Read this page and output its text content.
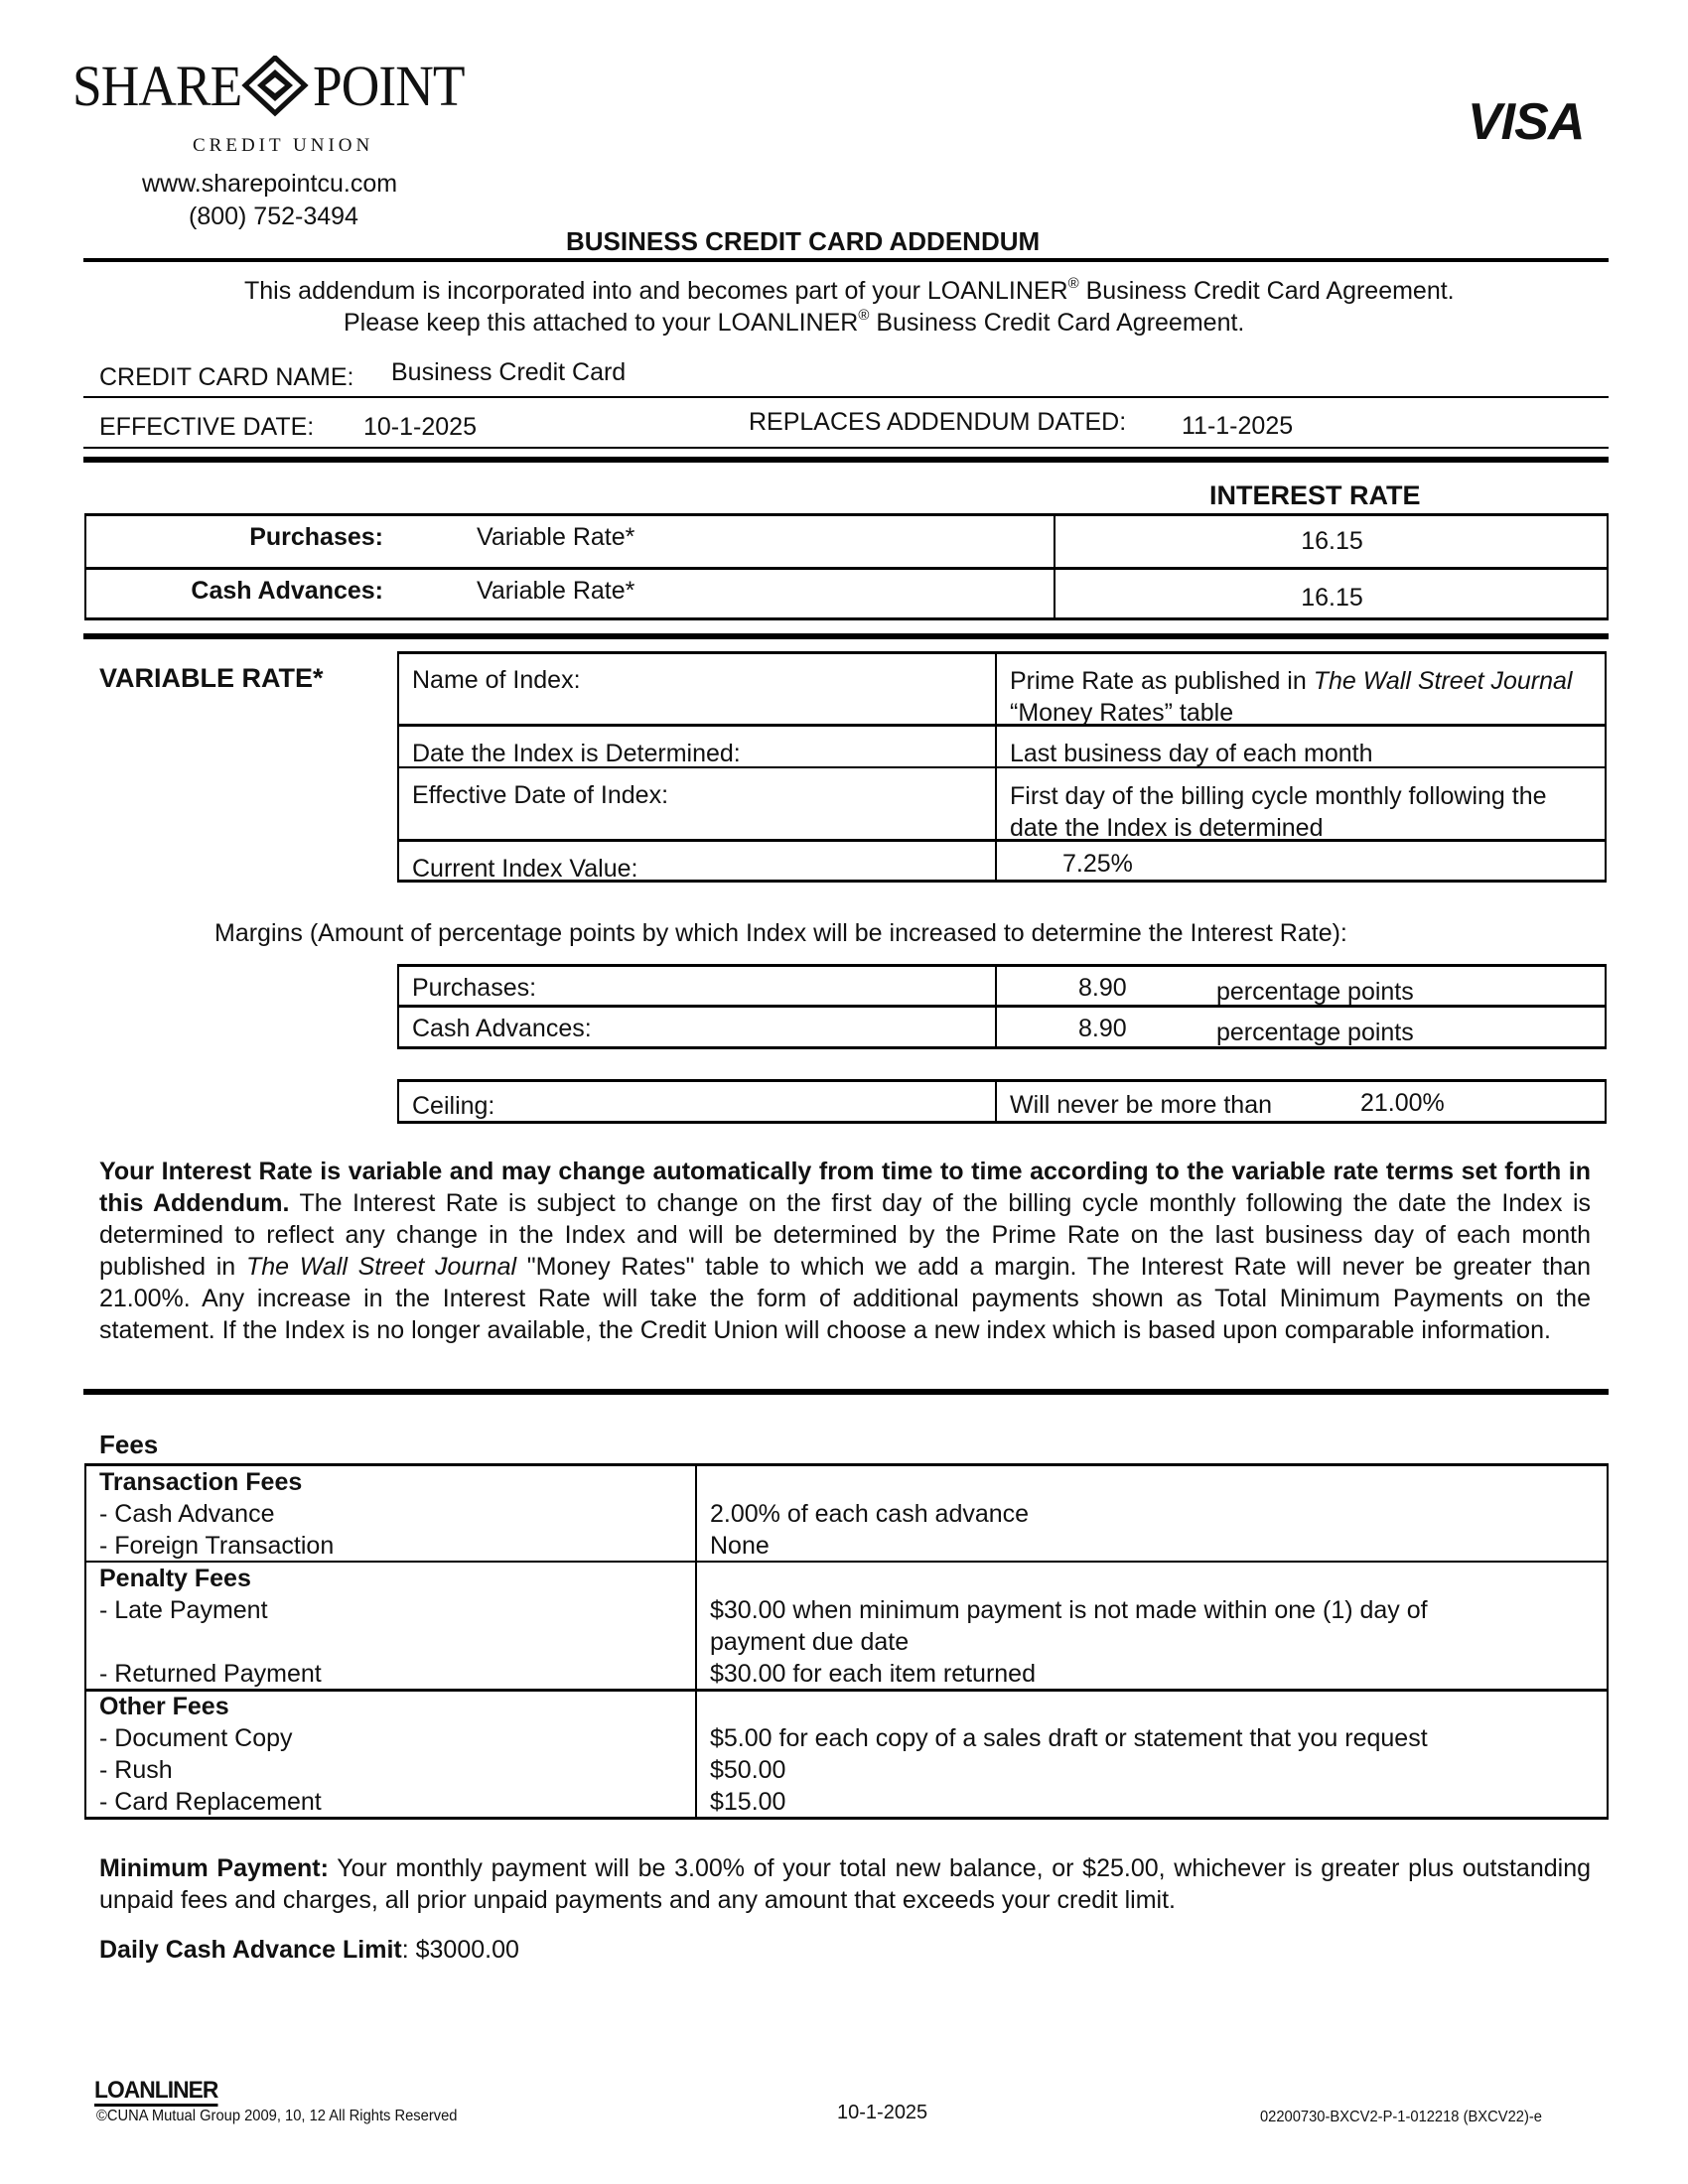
SHARE POINT
CREDIT UNION
www.sharepointcu.com
(800) 752-3494
VISA
BUSINESS CREDIT CARD ADDENDUM
This addendum is incorporated into and becomes part of your LOANLINER® Business Credit Card Agreement.
Please keep this attached to your LOANLINER® Business Credit Card Agreement.
CREDIT CARD NAME: Business Credit Card
EFFECTIVE DATE: 10-1-2025	REPLACES ADDENDUM DATED: 11-1-2025
INTEREST RATE
Purchases:	Variable Rate*	16.15
Cash Advances:	Variable Rate*	16.15
VARIABLE RATE*	Name of Index:	Prime Rate as published in The Wall Street Journal “Money Rates” table
Date the Index is Determined:	Last business day of each month
Effective Date of Index:	First day of the billing cycle monthly following the date the Index is determined
Current Index Value:	7.25%
Margins (Amount of percentage points by which Index will be increased to determine the Interest Rate):
Purchases:	8.90	percentage points
Cash Advances:	8.90	percentage points
Ceiling:	Will never be more than	21.00%
Your Interest Rate is variable and may change automatically from time to time according to the variable rate terms set forth in this Addendum. The Interest Rate is subject to change on the first day of the billing cycle monthly following the date the Index is determined to reflect any change in the Index and will be determined by the Prime Rate on the last business day of each month published in The Wall Street Journal "Money Rates" table to which we add a margin. The Interest Rate will never be greater than 21.00%. Any increase in the Interest Rate will take the form of additional payments shown as Total Minimum Payments on the statement. If the Index is no longer available, the Credit Union will choose a new index which is based upon comparable information.
Fees
Transaction Fees
- Cash Advance	2.00% of each cash advance
- Foreign Transaction	None
Penalty Fees
- Late Payment	$30.00 when minimum payment is not made within one (1) day of
payment due date
- Returned Payment	$30.00 for each item returned
Other Fees
- Document Copy	$5.00 for each copy of a sales draft or statement that you request
- Rush	$50.00
- Card Replacement	$15.00
Minimum Payment: Your monthly payment will be 3.00% of your total new balance, or $25.00, whichever is greater plus outstanding unpaid fees and charges, all prior unpaid payments and any amount that exceeds your credit limit.
Daily Cash Advance Limit: $3000.00
LOANLINER
©CUNA Mutual Group 2009, 10, 12 All Rights Reserved	10-1-2025	02200730-BXCV2-P-1-012218 (BXCV22)-e
